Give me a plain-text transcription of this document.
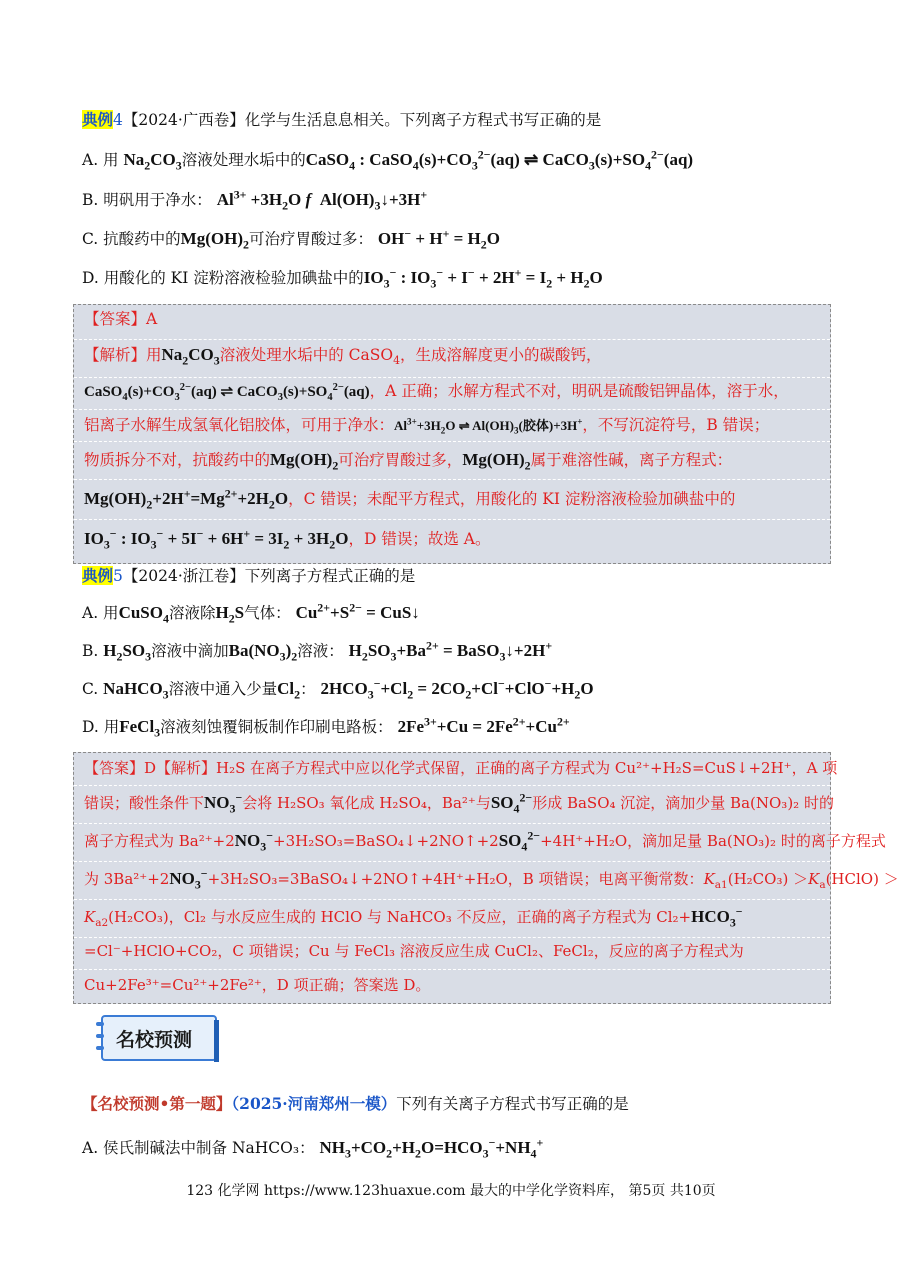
典例4【2024·广西卷】化学与生活息息相关。下列离子方程式书写正确的是
A. 用 $Na_2CO_3$溶液处理水垢中的CaSO$_4$ : $CaSO_4(s)+CO_3^{2-}(aq)$ ⇌ $CaCO_3(s)+SO_4^{2-}(aq)$
B. 明矾用于净水： $Al^{3+} +3H_2O$ f  $Al(OH)_3↓+3H^+$
C. 抗酸药中的$Mg(OH)_2$可治疗胃酸过多： $OH^- + H^+ = H_2O$
D. 用酸化的 KI 淀粉溶液检验加碘盐中的$IO_3^-$ : $IO_3^- + I^- + 2H^+ = I_2 + H_2O$
【答案】A
【解析】用$Na_2CO_3$溶液处理水垢中的 CaSO$_4$，生成溶解度更小的碳酸钙，
$CaSO_4(s)+CO_3^{2-}(aq)$ ⇌ $CaCO_3(s)+SO_4^{2-}(aq)$，A 正确；水解方程式不对，明矾是硫酸铝钾晶体，溶于水，
铝离子水解生成氢氧化铝胶体，可用于净水：$Al^{3+}+3H_2O$ ⇌ $Al(OH)_3$(胶体)+3H+，不写沉淀符号，B 错误；
物质拆分不对，抗酸药中的$Mg(OH)_2$可治疗胃酸过多，$Mg(OH)_2$属于难溶性碱，离子方程式：
$Mg(OH)_2+2H^+=Mg^{2+}+2H_2O$，C 错误；未配平方程式，用酸化的 KI 淀粉溶液检验加碘盐中的
$IO_3^-$ : $IO_3^- + 5I^- + 6H^+ = 3I_2 + 3H_2O$，D 错误；故选 A。
典例5【2024·浙江卷】下列离子方程式正确的是
A. 用CuSO$_4$溶液除$H_2S$气体： $Cu^{2+}+S^{2-}$ = CuS↓
B. $H_2SO_3$溶液中滴加$Ba(NO_3)_2$溶液： $H_2SO_3+Ba^{2+}$ = BaSO$_3$↓+2H+
C. NaHCO$_3$溶液中通入少量$Cl_2$： $2HCO_3^-+Cl_2 = 2CO_2+Cl^-+ClO^-+H_2O$
D. 用FeCl$_3$溶液刻蚀覆铜板制作印刷电路板： $2Fe^{3+}+Cu = 2Fe^{2+}+Cu^{2+}$
【答案】D【解析】H₂S 在离子方程式中应以化学式保留，正确的离子方程式为 Cu²⁺+H₂S=CuS↓+2H⁺，A 项
错误；酸性条件下$NO_3^-$会将 H₂SO₃ 氧化成 H₂SO₄，Ba²⁺与$SO_4^{2-}$形成 BaSO₄ 沉淀，滴加少量 Ba(NO₃)₂ 时的
离子方程式为 $Ba^{2+}+2NO_3^-+3H_2SO_3=BaSO_4↓+2NO↑+2SO_4^{2-}+4H^++H_2O$，滴加足量 Ba(NO₃)₂ 时的离子方程式
为 $3Ba^{2+}+2NO_3^-+3H_2SO_3=3BaSO_4↓+2NO↑+4H^++H_2O$，B 项错误；电离平衡常数：$K_{a1}(H_2CO_3)$ $>K_a(HClO)$ ＞
$K_{a2}(H_2CO_3)$，Cl₂ 与水反应生成的 HClO 与 NaHCO₃ 不反应，正确的离子方程式为 $Cl_2+HCO_3^-$
=Cl⁻+HClO+CO₂，C 项错误；Cu 与 FeCl₃ 溶液反应生成 CuCl₂、FeCl₂，反应的离子方程式为
Cu+2Fe³⁺=Cu²⁺+2Fe²⁺，D 项正确；答案选 D。
名校预测
【名校预测•第一题】（2025·河南郑州一模）下列有关离子方程式书写正确的是
A. 侯氏制碱法中制备 NaHCO₃： $NH_3+CO_2+H_2O=HCO_3^-+NH_4^+$
123 化学网 https://www.123huaxue.com 最大的中学化学资料库， 第5页 共10页
